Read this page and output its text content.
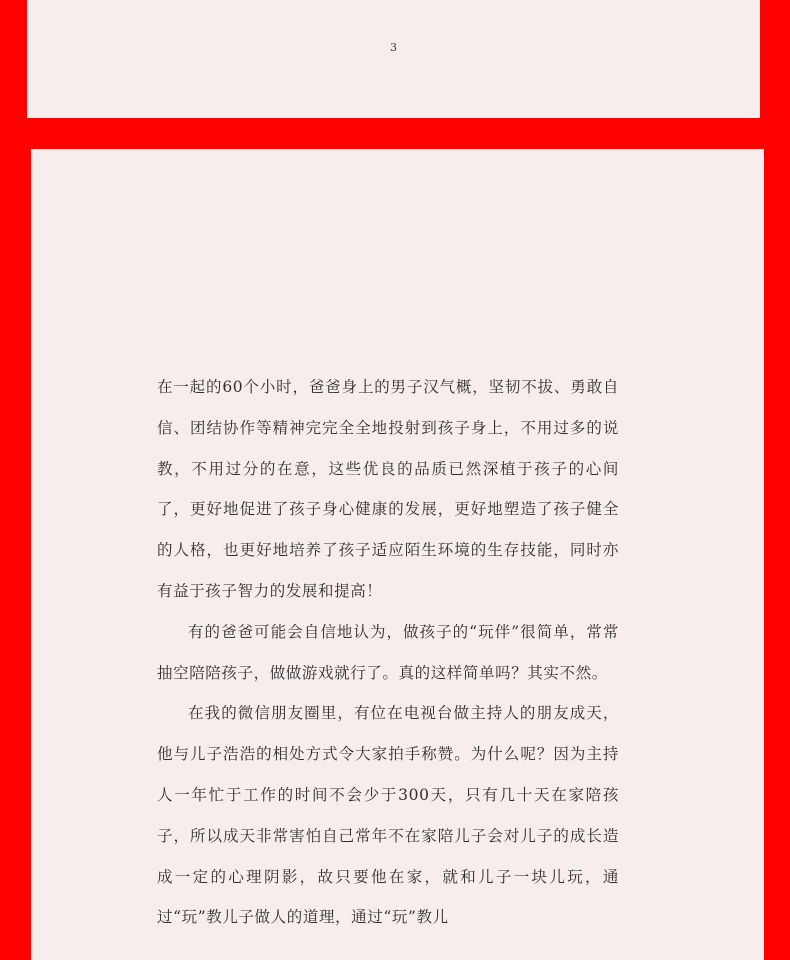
3

在一起的60个小时，爸爸身上的男子汉气概，坚韧不拔、勇敢自信、团结协作等精神完完全全地投射到孩子身上，不用过多的说教，不用过分的在意，这些优良的品质已然深植于孩子的心间了，更好地促进了孩子身心健康的发展，更好地塑造了孩子健全的人格，也更好地培养了孩子适应陌生环境的生存技能，同时亦有益于孩子智力的发展和提高！

有的爸爸可能会自信地认为，做孩子的“玩伴”很简单，常常抽空陪陪孩子，做做游戏就行了。真的这样简单吗？其实不然。

在我的微信朋友圈里，有位在电视台做主持人的朋友成天，他与儿子浩浩的相处方式令大家拍手称赞。为什么呢？因为主持人一年忙于工作的时间不会少于300天，只有几十天在家陪孩子，所以成天非常害怕自己常年不在家陪儿子会对儿子的成长造成一定的心理阴影，故只要他在家，就和儿子一块儿玩，通过“玩”教儿子做人的道理，通过“玩”教儿
